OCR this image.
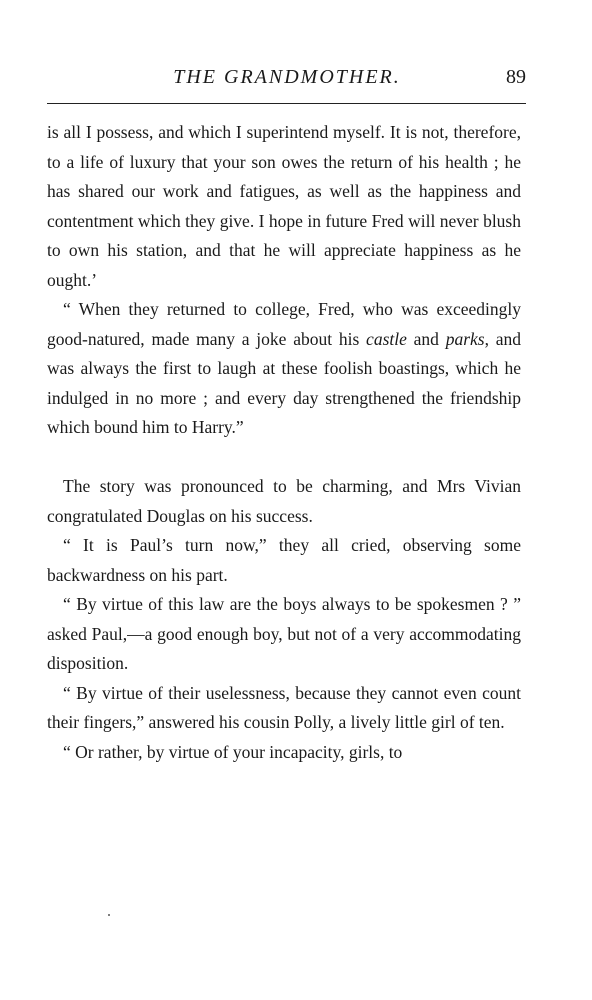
THE GRANDMOTHER.	89

is all I possess, and which I superintend myself. It is not, therefore, to a life of luxury that your son owes the return of his health ; he has shared our work and fatigues, as well as the happiness and contentment which they give. I hope in future Fred will never blush to own his station, and that he will appreciate happiness as he ought.’

“ When they returned to college, Fred, who was exceedingly good-natured, made many a joke about his castle and parks, and was always the first to laugh at these foolish boastings, which he indulged in no more ; and every day strengthened the friendship which bound him to Harry.”

The story was pronounced to be charming, and Mrs Vivian congratulated Douglas on his success.

“ It is Paul’s turn now,” they all cried, observing some backwardness on his part.

“ By virtue of this law are the boys always to be spokesmen ? ” asked Paul,—a good enough boy, but not of a very accommodating disposition.

“ By virtue of their uselessness, because they cannot even count their fingers,” answered his cousin Polly, a lively little girl of ten.

“ Or rather, by virtue of your incapacity, girls, to
